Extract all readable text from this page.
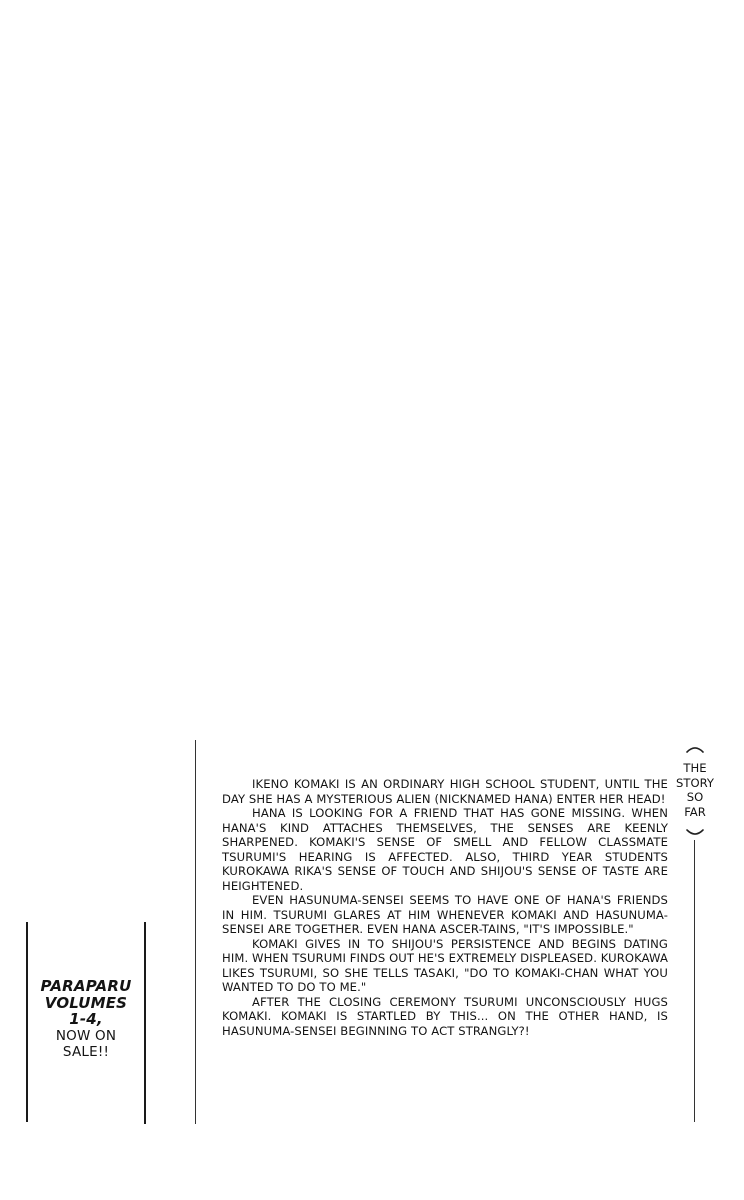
PARAPARU
VOLUMES
1-4,
NOW ON
SALE!!

IKENO KOMAKI IS AN ORDINARY HIGH SCHOOL STUDENT, UNTIL THE DAY SHE HAS A MYSTERIOUS ALIEN (NICKNAMED HANA) ENTER HER HEAD!

HANA IS LOOKING FOR A FRIEND THAT HAS GONE MISSING. WHEN HANA'S KIND ATTACHES THEMSELVES, THE SENSES ARE KEENLY SHARPENED. KOMAKI'S SENSE OF SMELL AND FELLOW CLASSMATE TSURUMI'S HEARING IS AFFECTED. ALSO, THIRD YEAR STUDENTS KUROKAWA RIKA'S SENSE OF TOUCH AND SHIJOU'S SENSE OF TASTE ARE HEIGHTENED.

EVEN HASUNUMA-SENSEI SEEMS TO HAVE ONE OF HANA'S FRIENDS IN HIM. TSURUMI GLARES AT HIM WHENEVER KOMAKI AND HASUNUMA-SENSEI ARE TOGETHER. EVEN HANA ASCER-TAINS, "IT'S IMPOSSIBLE."

KOMAKI GIVES IN TO SHIJOU'S PERSISTENCE AND BEGINS DATING HIM. WHEN TSURUMI FINDS OUT HE'S EXTREMELY DISPLEASED. KUROKAWA LIKES TSURUMI, SO SHE TELLS TASAKI, "DO TO KOMAKI-CHAN WHAT YOU WANTED TO DO TO ME."

AFTER THE CLOSING CEREMONY TSURUMI UNCONSCIOUSLY HUGS KOMAKI. KOMAKI IS STARTLED BY THIS... ON THE OTHER HAND, IS HASUNUMA-SENSEI BEGINNING TO ACT STRANGLY?!

THE
STORY
SO
FAR
